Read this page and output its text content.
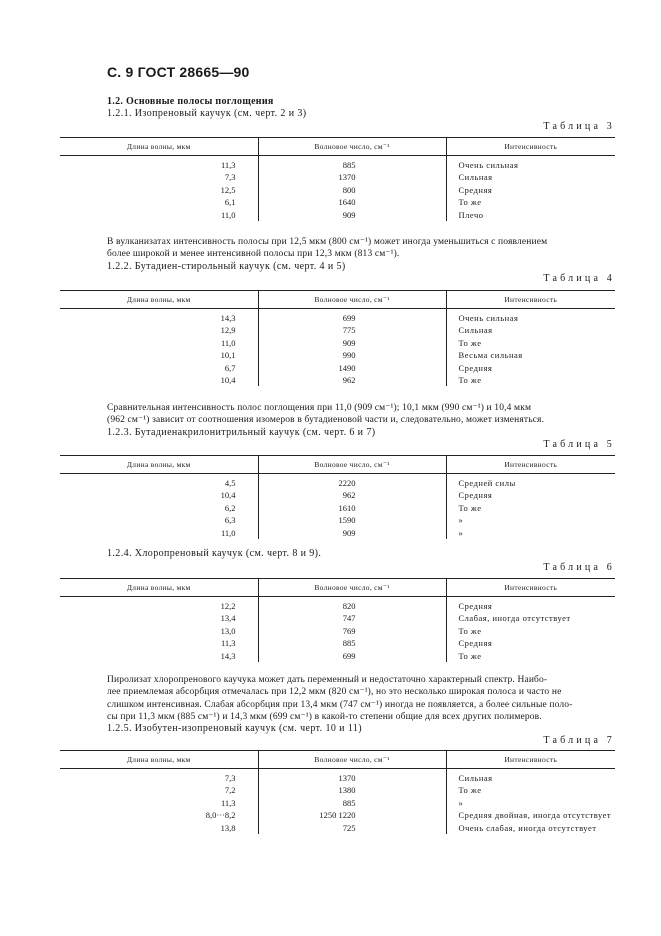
С. 9 ГОСТ 28665—90
1.2. Основные полосы поглощения
1.2.1. Изопреновый каучук (см. черт. 2 и 3)
Таблица 3
Длина волны, мкм	Волновое число, см⁻¹	Интенсивность
11,3	885	Очень сильная
7,3	1370	Сильная
12,5	800	Средняя
6,1	1640	То же
11,0	909	Плечо

В вулканизатах интенсивность полосы при 12,5 мкм (800 см⁻¹) может иногда уменьшиться с появлением

более широкой и менее интенсивной полосы при 12,3 мкм (813 см⁻¹).

1.2.2. Бутадиен-стирольный каучук (см. черт. 4 и 5)
Таблица 4
Длина волны, мкм	Волновое число, см⁻¹	Интенсивность
14,3	699	Очень сильная
12,9	775	Сильная
11,0	909	То же
10,1	990	Весьма сильная
6,7	1490	Средняя
10,4	962	То же

Сравнительная интенсивность полос поглощения при 11,0 (909 см⁻¹); 10,1 мкм (990 см⁻¹) и 10,4 мкм

(962 см⁻¹) зависит от соотношения изомеров в бутадиеновой части и, следовательно, может изменяться.

1.2.3. Бутадиенакрилонитрильный каучук (см. черт. 6 и 7)
Таблица 5
Длина волны, мкм	Волновое число, см⁻¹	Интенсивность
4,5	2220	Средней силы
10,4	962	Средняя
6,2	1610	То же
6,3	1590	»
11,0	909	»
1.2.4. Хлоропреновый каучук (см. черт. 8 и 9).
Таблица 6
Длина волны, мкм	Волновое число, см⁻¹	Интенсивность
12,2	820	Средняя
13,4	747	Слабая, иногда отсутствует
13,0	769	То же
11,3	885	Средняя
14,3	699	То же

Пиролизат хлоропренового каучука может дать переменный и недостаточно характерный спектр. Наибо-

лее приемлемая абсорбция отмечалась при 12,2 мкм (820 см⁻¹), но это несколько широкая полоса и часто не

слишком интенсивная. Слабая абсорбция при 13,4 мкм (747 см⁻¹) иногда не появляется, а более сильные поло-

сы при 11,3 мкм (885 см⁻¹) и 14,3 мкм (699 см⁻¹) в какой-то степени общие для всех других полимеров.

1.2.5. Изобутен-изопреновый каучук (см. черт. 10 и 11)
Таблица 7
Длина волны, мкм	Волновое число, см⁻¹	Интенсивность
7,3	1370	Сильная
7,2	1380	То же
11,3	885	»
8,0···8,2	1250 1220	Средняя двойная, иногда отсутствует
13,8	725	Очень слабая, иногда отсутствует
